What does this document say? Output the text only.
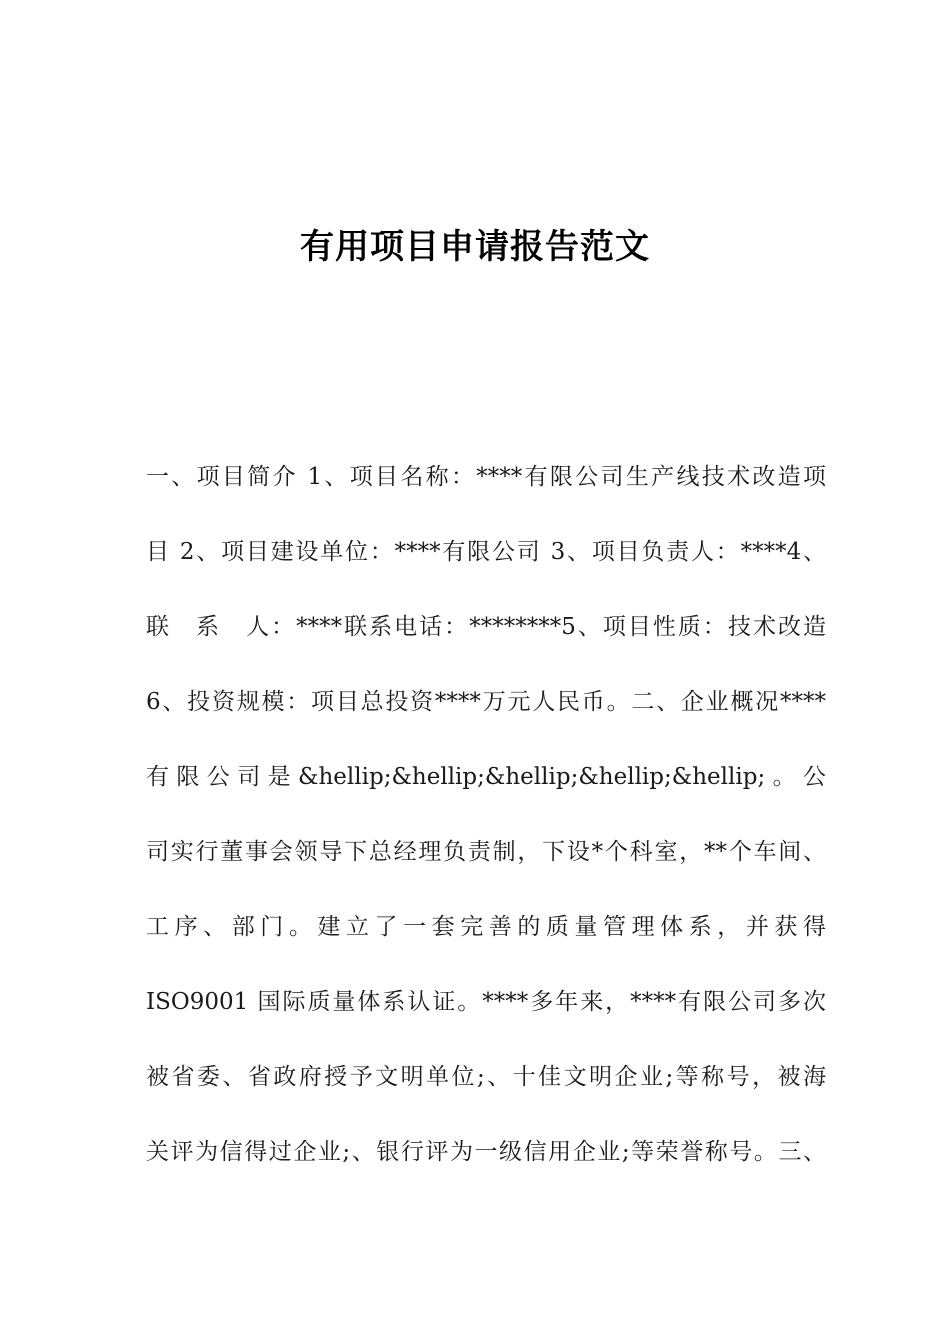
有用项目申请报告范文
一、项目简介 1、项目名称：****有限公司生产线技术改造项
目 2、项目建设单位：****有限公司 3、项目负责人：****4、
联　系　人：****联系电话：********5、项目性质：技术改造
6、投资规模：项目总投资****万元人民币。二、企业概况****
有限公司是&hellip;&hellip;&hellip;&hellip;&hellip;。公
司实行董事会领导下总经理负责制，下设*个科室，**个车间、
工序、部门。建立了一套完善的质量管理体系，并获得
ISO9001 国际质量体系认证。****多年来，****有限公司多次
被省委、省政府授予文明单位;、十佳文明企业;等称号，被海
关评为信得过企业;、银行评为一级信用企业;等荣誉称号。三、
